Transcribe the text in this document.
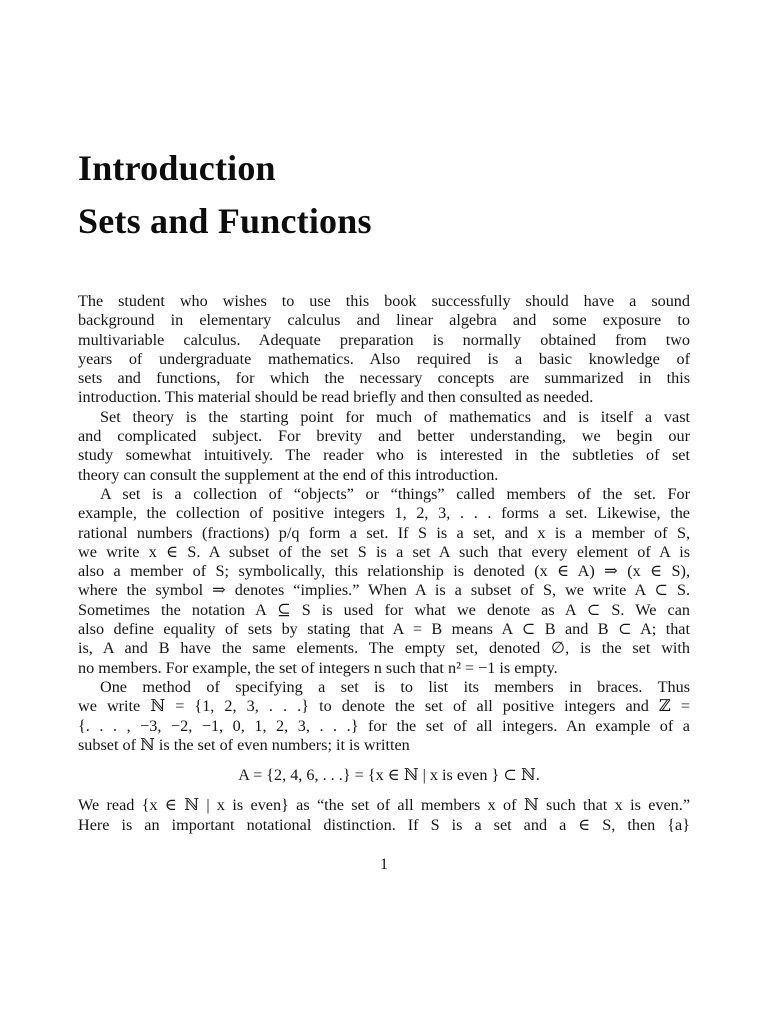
Introduction
Sets and Functions
The student who wishes to use this book successfully should have a sound
background in elementary calculus and linear algebra and some exposure to
multivariable calculus. Adequate preparation is normally obtained from two
years of undergraduate mathematics. Also required is a basic knowledge of
sets and functions, for which the necessary concepts are summarized in this
introduction. This material should be read briefly and then consulted as needed.
Set theory is the starting point for much of mathematics and is itself a vast
and complicated subject. For brevity and better understanding, we begin our
study somewhat intuitively. The reader who is interested in the subtleties of set
theory can consult the supplement at the end of this introduction.
A set is a collection of “objects” or “things” called members of the set. For
example, the collection of positive integers 1, 2, 3, . . . forms a set. Likewise, the
rational numbers (fractions) p/q form a set. If S is a set, and x is a member of S,
we write x ∈ S. A subset of the set S is a set A such that every element of A is
also a member of S; symbolically, this relationship is denoted (x ∈ A) ⇒ (x ∈ S),
where the symbol ⇒ denotes “implies.” When A is a subset of S, we write A ⊂ S.
Sometimes the notation A ⊆ S is used for what we denote as A ⊂ S. We can
also define equality of sets by stating that A = B means A ⊂ B and B ⊂ A; that
is, A and B have the same elements. The empty set, denoted ∅, is the set with
no members. For example, the set of integers n such that n² = −1 is empty.
One method of specifying a set is to list its members in braces. Thus
we write ℕ = {1, 2, 3, . . .} to denote the set of all positive integers and ℤ =
{. . . , −3, −2, −1, 0, 1, 2, 3, . . .} for the set of all integers. An example of a
subset of ℕ is the set of even numbers; it is written
A = {2, 4, 6, . . .} = {x ∈ ℕ | x is even } ⊂ ℕ.
We read {x ∈ ℕ | x is even} as “the set of all members x of ℕ such that x is even.”
Here is an important notational distinction. If S is a set and a ∈ S, then {a}
1
